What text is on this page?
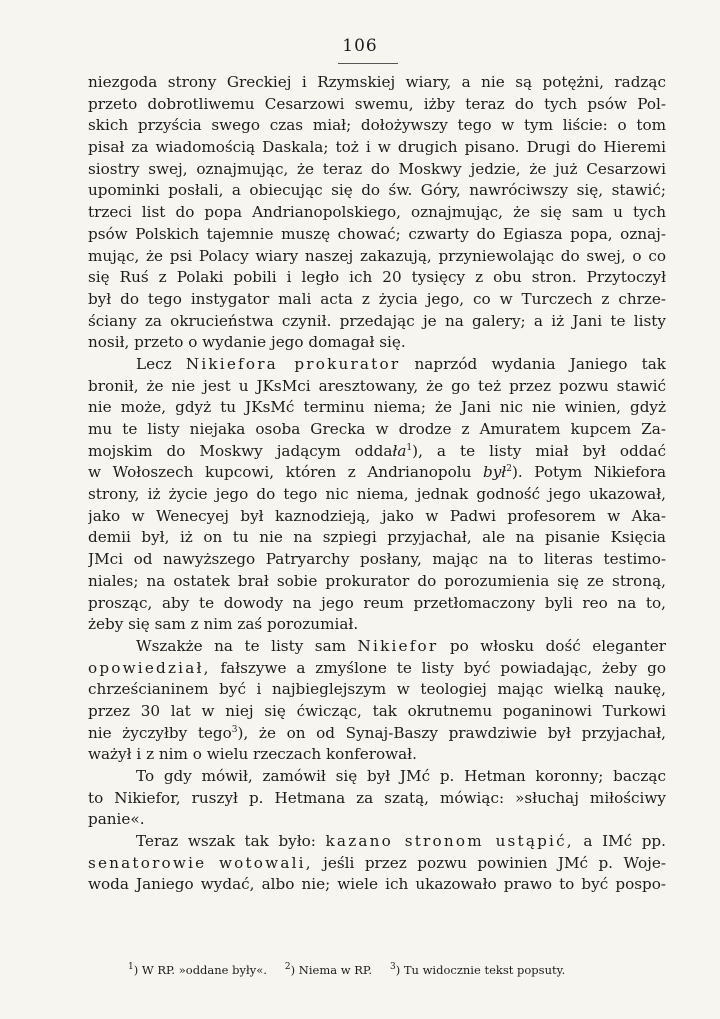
106
niezgoda strony Greckiej i Rzymskiej wiary, a nie są potężni, radząc
przeto dobrotliwemu Cesarzowi swemu, iżby teraz do tych psów Pol-
skich przyścia swego czas miał; dołożywszy tego w tym liście: o tom
pisał za wiadomością Daskala; toż i w drugich pisano. Drugi do Hieremi
siostry swej, oznajmując, że teraz do Moskwy jedzie, że już Cesarzowi
upominki posłali, a obiecując się do św. Góry, nawróciwszy się, stawić;
trzeci list do popa Andrianopolskiego, oznajmując, że się sam u tych
psów Polskich tajemnie muszę chować; czwarty do Egiasza popa, oznaj-
mując, że psi Polacy wiary naszej zakazują, przyniewolając do swej, o co
się Ruś z Polaki pobili i legło ich 20 tysięcy z obu stron. Przytoczył
był do tego instygator mali acta z życia jego, co w Turczech z chrze-
ściany za okrucieństwa czynił. przedając je na galery; a iż Jani te listy
nosił, przeto o wydanie jego domagał się.
Lecz Nikiefora prokurator naprzód wydania Janiego tak
bronił, że nie jest u JKsMci aresztowany, że go też przez pozwu stawić
nie może, gdyż tu JKsMć terminu niema; że Jani nic nie winien, gdyż
mu te listy niejaka osoba Grecka w drodze z Amuratem kupcem Za-
mojskim do Moskwy jadącym oddała$^1$), a te listy miał był oddać
w Wołoszech kupcowi, któren z Andrianopolu był$^2$). Potym Nikiefora
strony, iż życie jego do tego nic niema, jednak godność jego ukazował,
jako w Wenecyej był kaznodzieją, jako w Padwi profesorem w Aka-
demii był, iż on tu nie na szpiegi przyjachał, ale na pisanie Księcia
JMci od nawyższego Patryarchy posłany, mając na to literas testimo-
niales; na ostatek brał sobie prokurator do porozumienia się ze stroną,
prosząc, aby te dowody na jego reum przetłomaczony byli reo na to,
żeby się sam z nim zaś porozumiał.
Wszakże na te listy sam Nikiefor po włosku dość eleganter
opowiedział, fałszywe a zmyślone te listy być powiadając, żeby go
chrześcianinem być i najbieglejszym w teologiej mając wielką naukę,
przez 30 lat w niej się ćwicząc, tak okrutnemu poganinowi Turkowi
nie życzyłby tego$^3$), że on od Synaj-Baszy prawdziwie był przyjachał,
ważył i z nim o wielu rzeczach konferował.
To gdy mówił, zamówił się był JMć p. Hetman koronny; bacząc
to Nikiefor, ruszył p. Hetmana za szatą, mówiąc: »słuchaj miłościwy
panie«.
Teraz wszak tak było: kazano stronom ustąpić, a IMć pp.
senatorowie wotowali, jeśli przez pozwu powinien JMć p. Woje-
woda Janiego wydać, albo nie; wiele ich ukazowało prawo to być pospo-
$^1$) W RP. »oddane były«. $^2$) Niema w RP. $^3$) Tu widocznie tekst popsuty.
